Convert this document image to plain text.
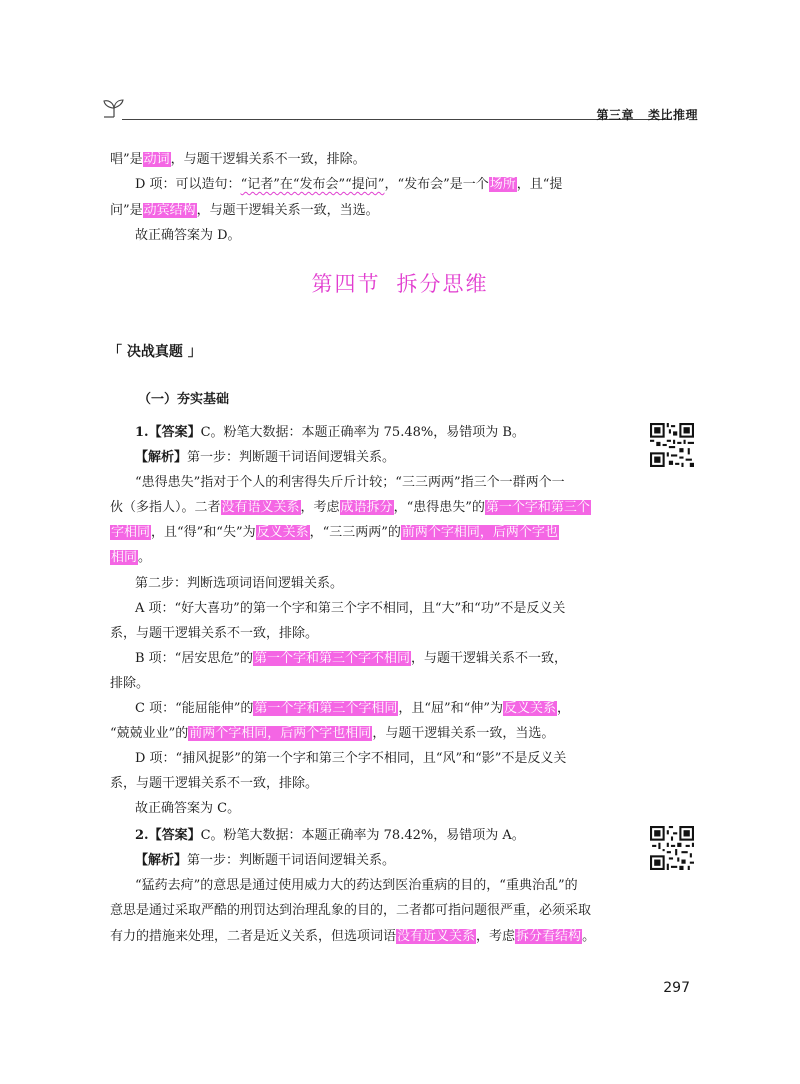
第三章 类比推理
唱”是动词，与题干逻辑关系不一致，排除。
D 项：可以造句：“记者”在“发布会”“提问”，“发布会”是一个场所，且“提
问”是动宾结构，与题干逻辑关系一致，当选。
故正确答案为 D。
第四节 拆分思维
「 决战真题 」
（一）夯实基础
1.【答案】C。粉笔大数据：本题正确率为 75.48%，易错项为 B。
【解析】第一步：判断题干词语间逻辑关系。
“患得患失”指对于个人的利害得失斤斤计较；“三三两两”指三个一群两个一
伙（多指人）。二者没有语义关系，考虑成语拆分，“患得患失”的第一个字和第三个
字相同，且“得”和“失”为反义关系，“三三两两”的前两个字相同，后两个字也
相同。
第二步：判断选项词语间逻辑关系。
A 项：“好大喜功”的第一个字和第三个字不相同，且“大”和“功”不是反义关
系，与题干逻辑关系不一致，排除。
B 项：“居安思危”的第一个字和第三个字不相同，与题干逻辑关系不一致，
排除。
C 项：“能屈能伸”的第一个字和第三个字相同，且“屈”和“伸”为反义关系，
“兢兢业业”的前两个字相同，后两个字也相同，与题干逻辑关系一致，当选。
D 项：“捕风捉影”的第一个字和第三个字不相同，且“风”和“影”不是反义关
系，与题干逻辑关系不一致，排除。
故正确答案为 C。
2.【答案】C。粉笔大数据：本题正确率为 78.42%，易错项为 A。
【解析】第一步：判断题干词语间逻辑关系。
“猛药去疴”的意思是通过使用威力大的药达到医治重病的目的，“重典治乱”的
意思是通过采取严酷的刑罚达到治理乱象的目的，二者都可指问题很严重，必须采取
有力的措施来处理，二者是近义关系，但选项词语没有近义关系，考虑拆分看结构。
297
